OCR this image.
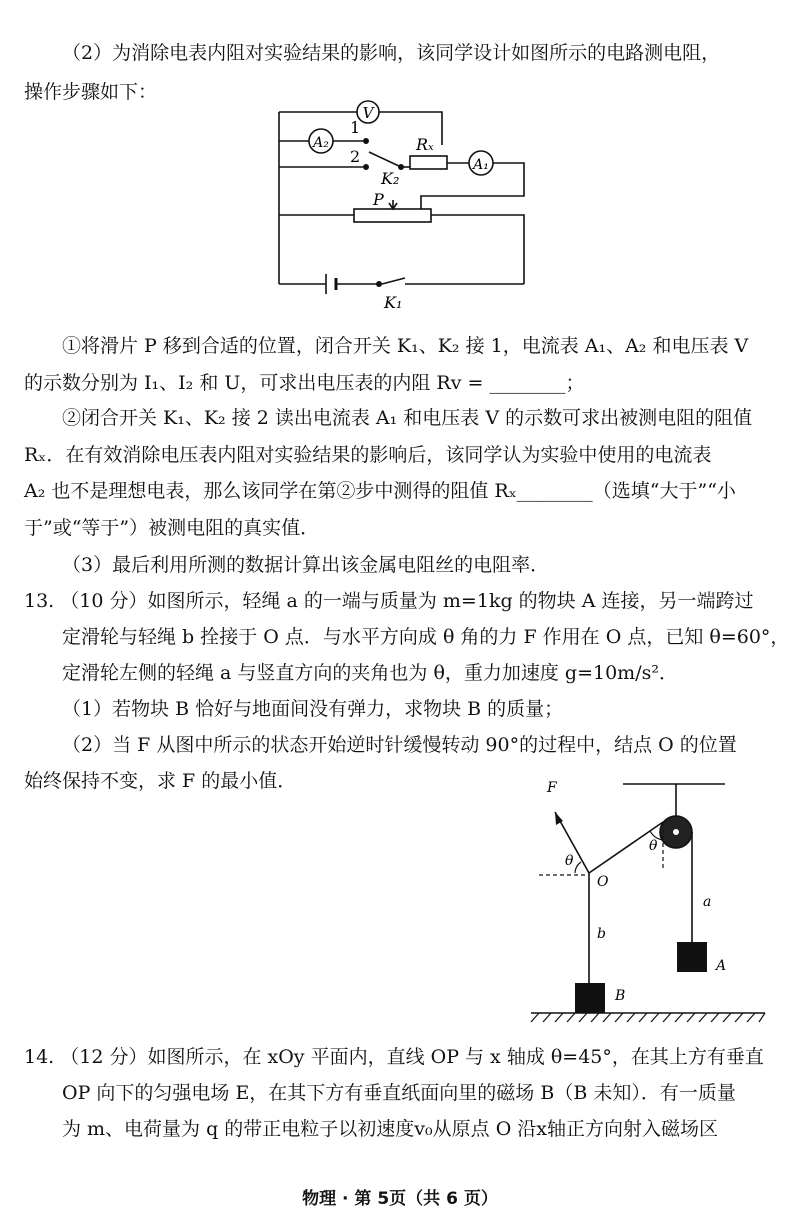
（2）为消除电表内阻对实验结果的影响，该同学设计如图所示的电路测电阻，
操作步骤如下：
V
A₂
1
2
K₂
Rₓ
A₁
P
K₁
①将滑片 P 移到合适的位置，闭合开关 K₁、K₂ 接 1，电流表 A₁、A₂ 和电压表 V
的示数分别为 I₁、I₂ 和 U，可求出电压表的内阻 Rv = ________；
②闭合开关 K₁、K₂ 接 2 读出电流表 A₁ 和电压表 V 的示数可求出被测电阻的阻值
Rₓ．在有效消除电压表内阻对实验结果的影响后，该同学认为实验中使用的电流表
A₂ 也不是理想电表，那么该同学在第②步中测得的阻值 Rₓ________（选填“大于”“小
于”或“等于”）被测电阻的真实值．
（3）最后利用所测的数据计算出该金属电阻丝的电阻率．
13. （10 分）如图所示，轻绳 a 的一端与质量为 m=1kg 的物块 A 连接，另一端跨过
定滑轮与轻绳 b 拴接于 O 点．与水平方向成 θ 角的力 F 作用在 O 点，已知 θ=60°，
定滑轮左侧的轻绳 a 与竖直方向的夹角也为 θ，重力加速度 g=10m/s²．
（1）若物块 B 恰好与地面间没有弹力，求物块 B 的质量；
（2）当 F 从图中所示的状态开始逆时针缓慢转动 90°的过程中，结点 O 的位置
始终保持不变，求 F 的最小值．	F
θ
θ
O
a
b
A
B
14. （12 分）如图所示，在 xOy 平面内，直线 OP 与 x 轴成 θ=45°，在其上方有垂直
OP 向下的匀强电场 E，在其下方有垂直纸面向里的磁场 B（B 未知）．有一质量
为 m、电荷量为 q 的带正电粒子以初速度v₀从原点 O 沿x轴正方向射入磁场区
物理 · 第 5页（共 6 页）
